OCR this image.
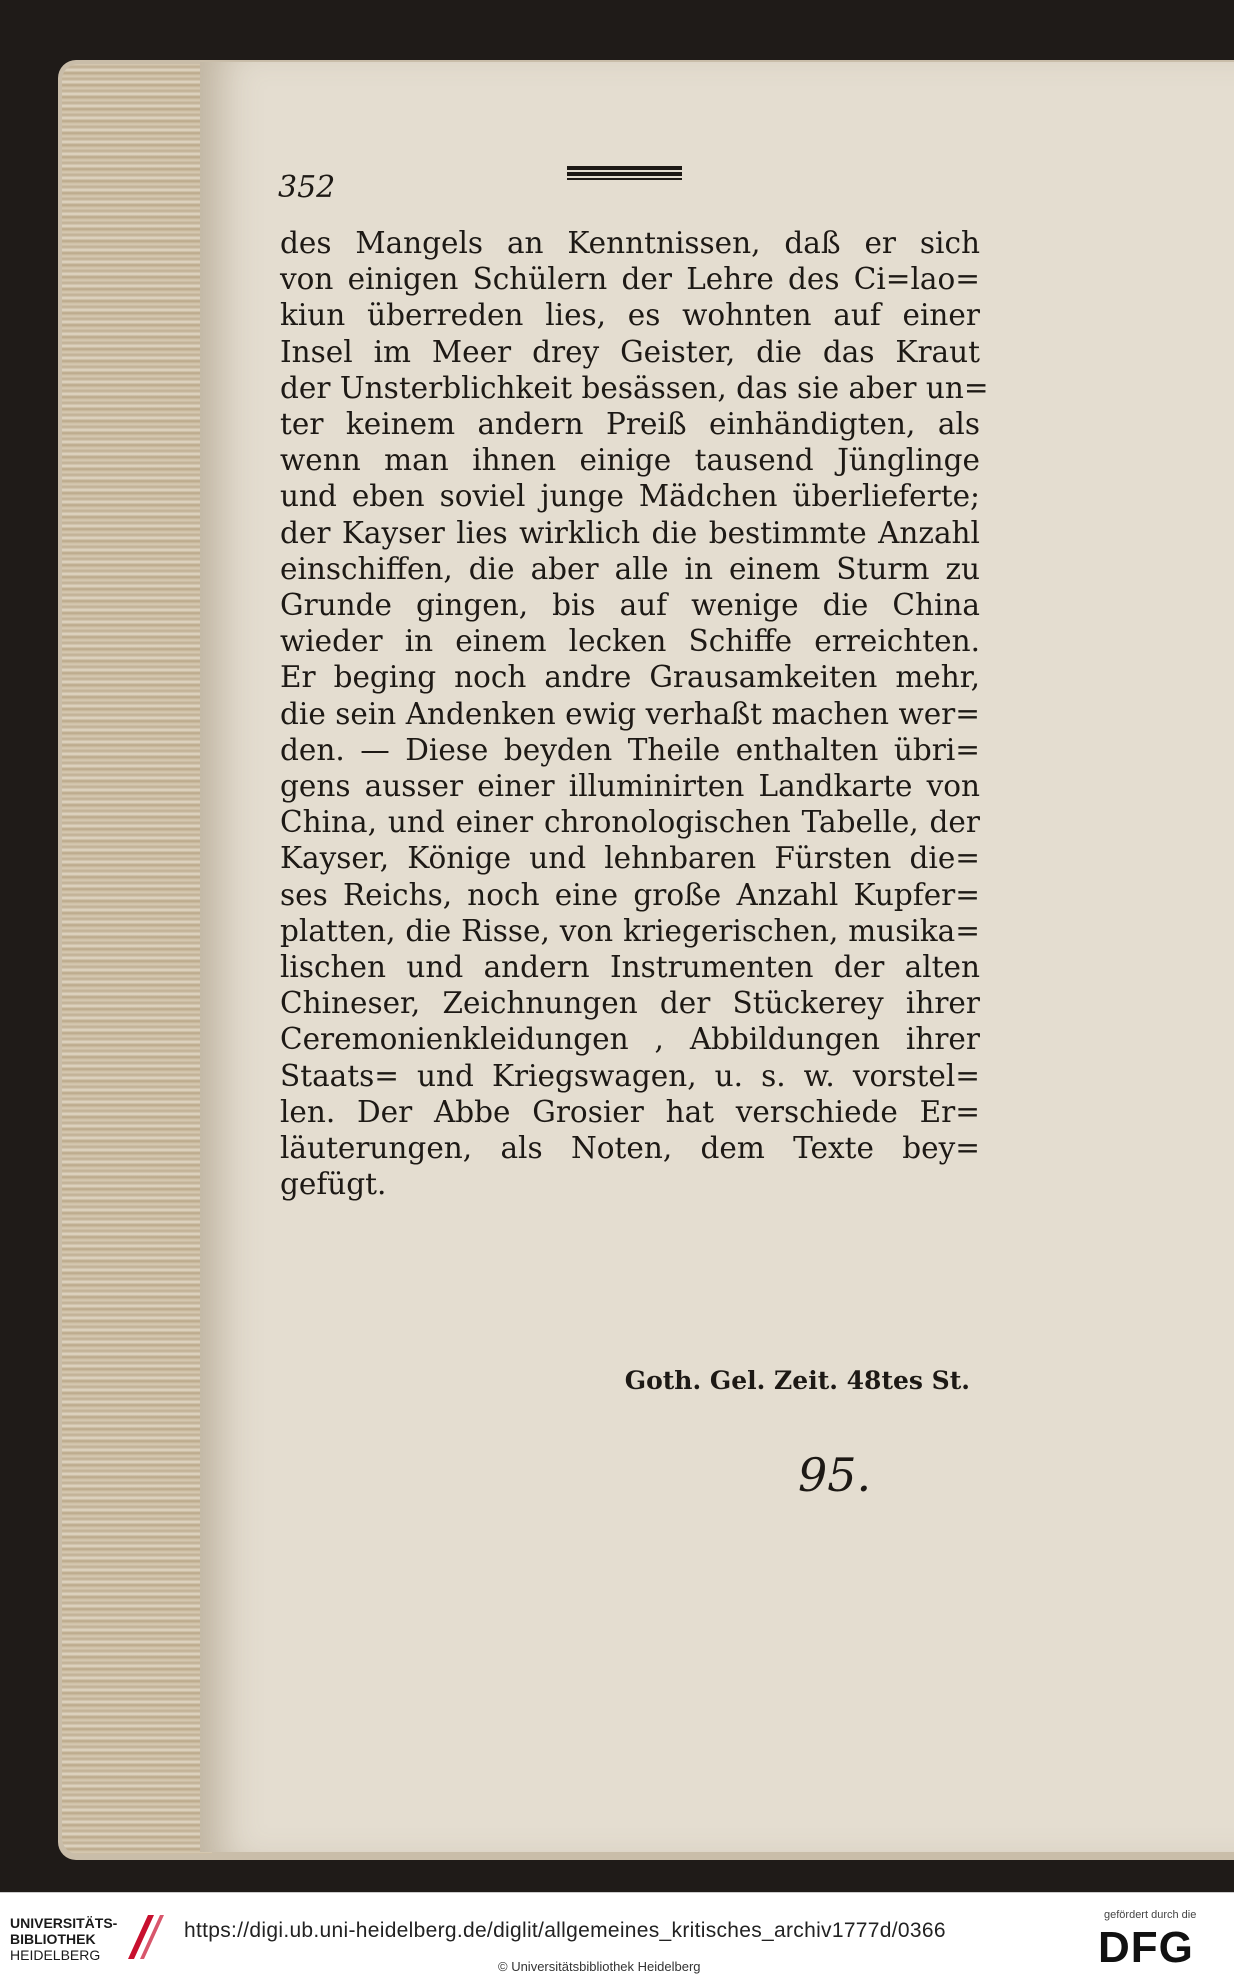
352
des Mangels an Kenntnissen, daß er sich
von einigen Schülern der Lehre des Ci=lao=
kiun überreden lies, es wohnten auf einer
Insel im Meer drey Geister, die das Kraut
der Unsterblichkeit besässen, das sie aber un=
ter keinem andern Preiß einhändigten, als
wenn man ihnen einige tausend Jünglinge
und eben soviel junge Mädchen überlieferte;
der Kayser lies wirklich die bestimmte Anzahl
einschiffen, die aber alle in einem Sturm zu
Grunde gingen, bis auf wenige die China
wieder in einem lecken Schiffe erreichten.
Er beging noch andre Grausamkeiten mehr,
die sein Andenken ewig verhaßt machen wer=
den. — Diese beyden Theile enthalten übri=
gens ausser einer illuminirten Landkarte von
China, und einer chronologischen Tabelle, der
Kayser, Könige und lehnbaren Fürsten die=
ses Reichs, noch eine große Anzahl Kupfer=
platten, die Risse, von kriegerischen, musika=
lischen und andern Instrumenten der alten
Chineser, Zeichnungen der Stückerey ihrer
Ceremonienkleidungen , Abbildungen ihrer
Staats= und Kriegswagen, u. s. w. vorstel=
len. Der Abbe Grosier hat verschiede Er=
läuterungen, als Noten, dem Texte bey=
gefügt.
Goth. Gel. Zeit. 48tes St.
95.
UNIVERSITÄTS-
BIBLIOTHEK
HEIDELBERG
https://digi.ub.uni-heidelberg.de/diglit/allgemeines_kritisches_archiv1777d/0366
© Universitätsbibliothek Heidelberg
gefördert durch die
DFG
